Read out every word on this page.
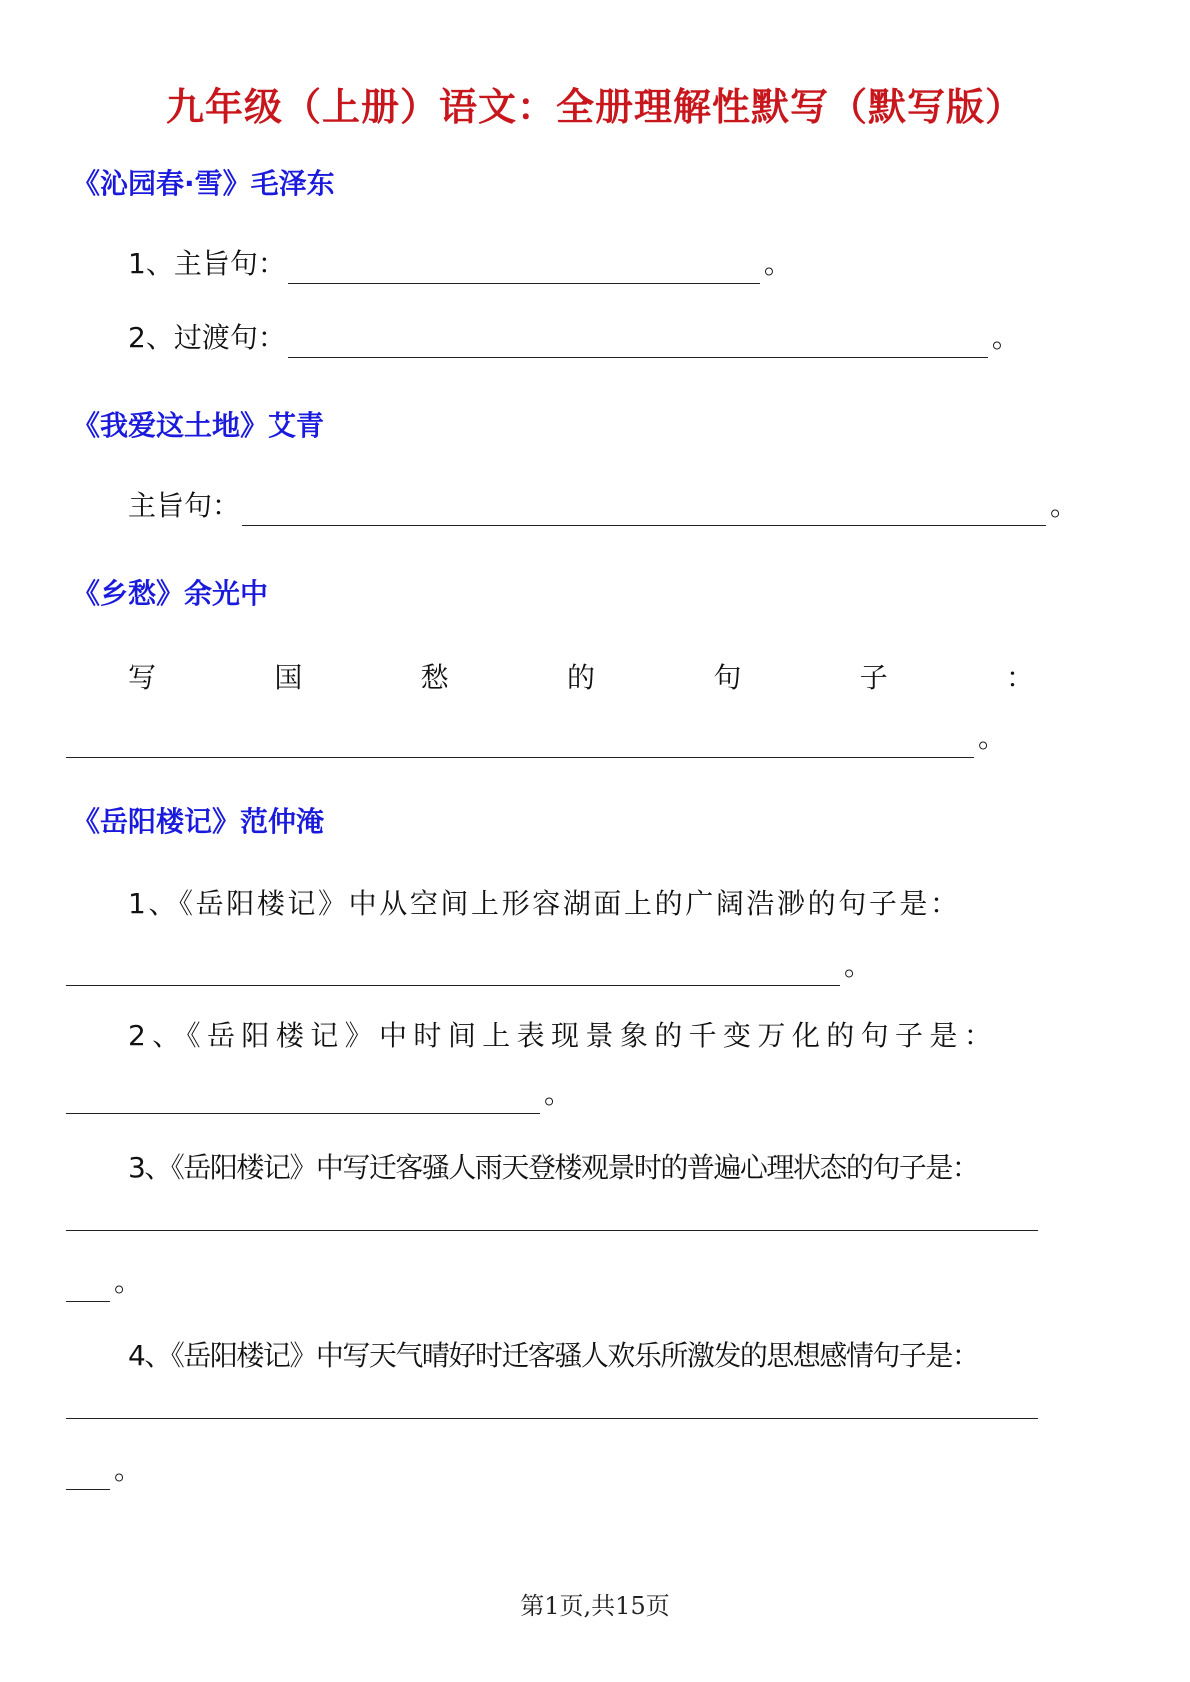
九年级（上册）语文：全册理解性默写（默写版）
《沁园春·雪》毛泽东
1、主旨句：	。
2、过渡句：	。
《我爱这土地》艾青
主旨句：	。
《乡愁》余光中
写	国	愁	的	句	子	：
。
《岳阳楼记》范仲淹
1、《岳阳楼记》中从空间上形容湖面上的广阔浩渺的句子是：
。
2、《岳阳楼记》中时间上表现景象的千变万化的句子是：
。
3、《岳阳楼记》中写迁客骚人雨天登楼观景时的普遍心理状态的句子是：
。
4、《岳阳楼记》中写天气晴好时迁客骚人欢乐所激发的思想感情句子是：
。
第1页,共15页
